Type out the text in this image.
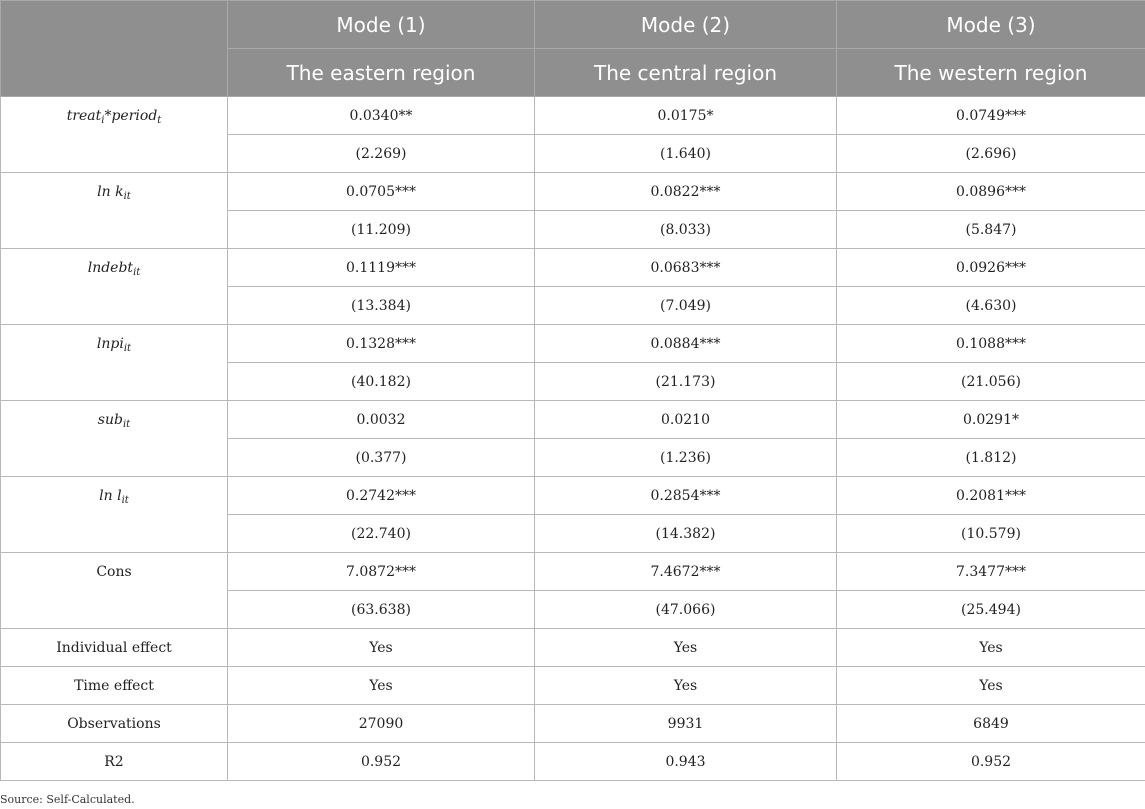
	Mode (1)	Mode (2)	Mode (3)
	The eastern region	The central region	The western region
treat$_i$*period$_t$	0.0340**	0.0175*	0.0749***
	(2.269)	(1.640)	(2.696)
$\ln k_{it}$	0.0705***	0.0822***	0.0896***
	(11.209)	(8.033)	(5.847)
lndebt$_{it}$	0.1119***	0.0683***	0.0926***
	(13.384)	(7.049)	(4.630)
lnpi$_{it}$	0.1328***	0.0884***	0.1088***
	(40.182)	(21.173)	(21.056)
sub$_{it}$	0.0032	0.0210	0.0291*
	(0.377)	(1.236)	(1.812)
$\ln l_{it}$	0.2742***	0.2854***	0.2081***
	(22.740)	(14.382)	(10.579)
Cons	7.0872***	7.4672***	7.3477***
	(63.638)	(47.066)	(25.494)
Individual effect	Yes	Yes	Yes
Time effect	Yes	Yes	Yes
Observations	27090	9931	6849
R2	0.952	0.943	0.952
Source: Self-Calculated.
